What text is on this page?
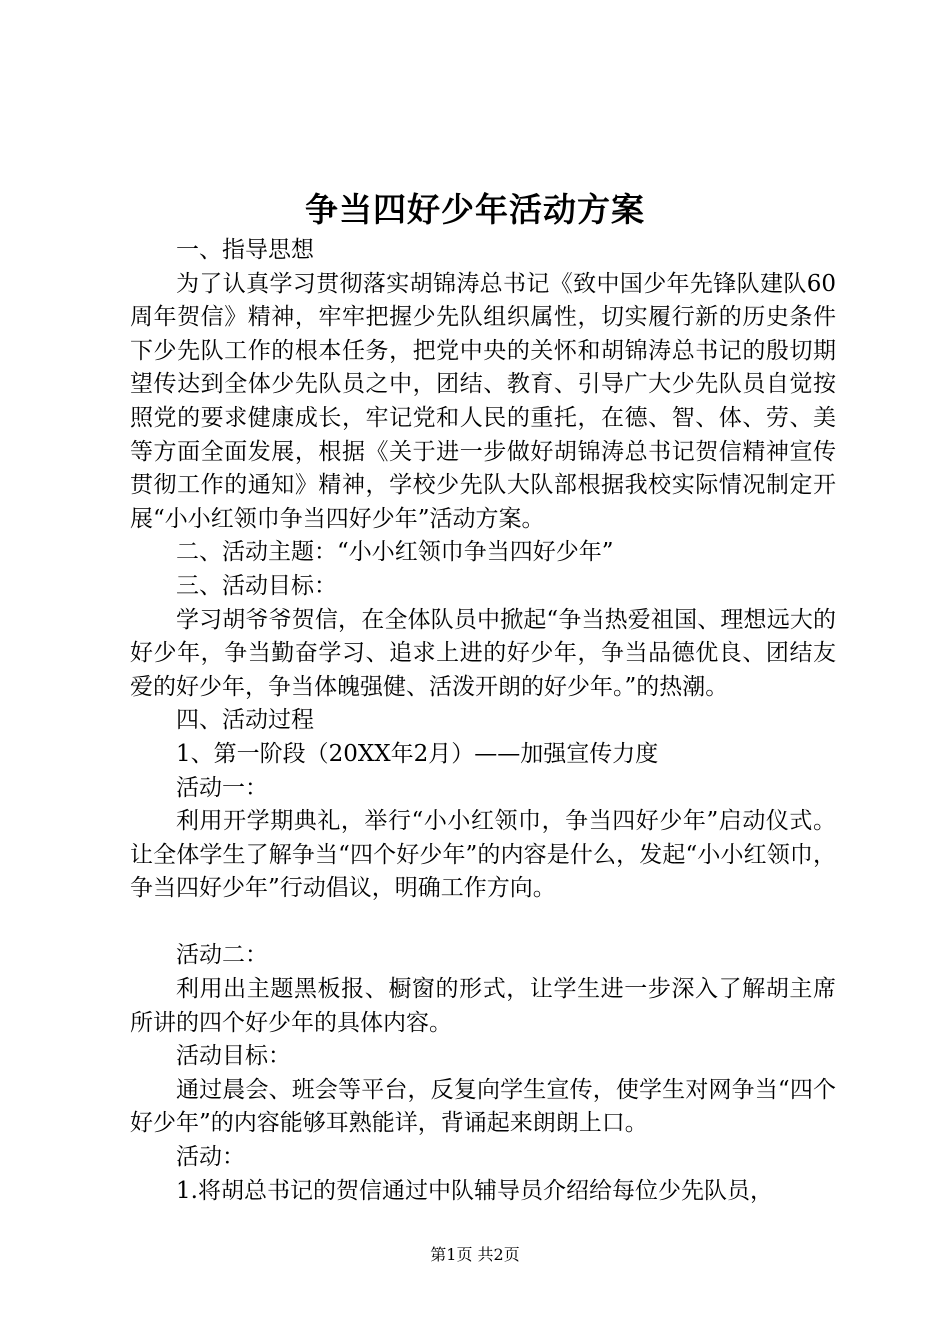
争当四好少年活动方案

一、指导思想

为了认真学习贯彻落实胡锦涛总书记《致中国少年先锋队建队60周年贺信》精神，牢牢把握少先队组织属性，切实履行新的历史条件下少先队工作的根本任务，把党中央的关怀和胡锦涛总书记的殷切期望传达到全体少先队员之中，团结、教育、引导广大少先队员自觉按照党的要求健康成长，牢记党和人民的重托，在德、智、体、劳、美等方面全面发展，根据《关于进一步做好胡锦涛总书记贺信精神宣传贯彻工作的通知》精神，学校少先队大队部根据我校实际情况制定开展“小小红领巾争当四好少年”活动方案。

二、活动主题：“小小红领巾争当四好少年”

三、活动目标：

学习胡爷爷贺信，在全体队员中掀起“争当热爱祖国、理想远大的好少年，争当勤奋学习、追求上进的好少年，争当品德优良、团结友爱的好少年，争当体魄强健、活泼开朗的好少年。”的热潮。

四、活动过程

1、第一阶段（20XX年2月）——加强宣传力度

活动一：

利用开学期典礼，举行“小小红领巾，争当四好少年”启动仪式。让全体学生了解争当“四个好少年”的内容是什么，发起“小小红领巾，争当四好少年”行动倡议，明确工作方向。

活动二：

利用出主题黑板报、橱窗的形式，让学生进一步深入了解胡主席所讲的四个好少年的具体内容。

活动目标：

通过晨会、班会等平台，反复向学生宣传，使学生对网争当“四个好少年”的内容能够耳熟能详，背诵起来朗朗上口。

活动：

1.将胡总书记的贺信通过中队辅导员介绍给每位少先队员，

第1页 共2页
